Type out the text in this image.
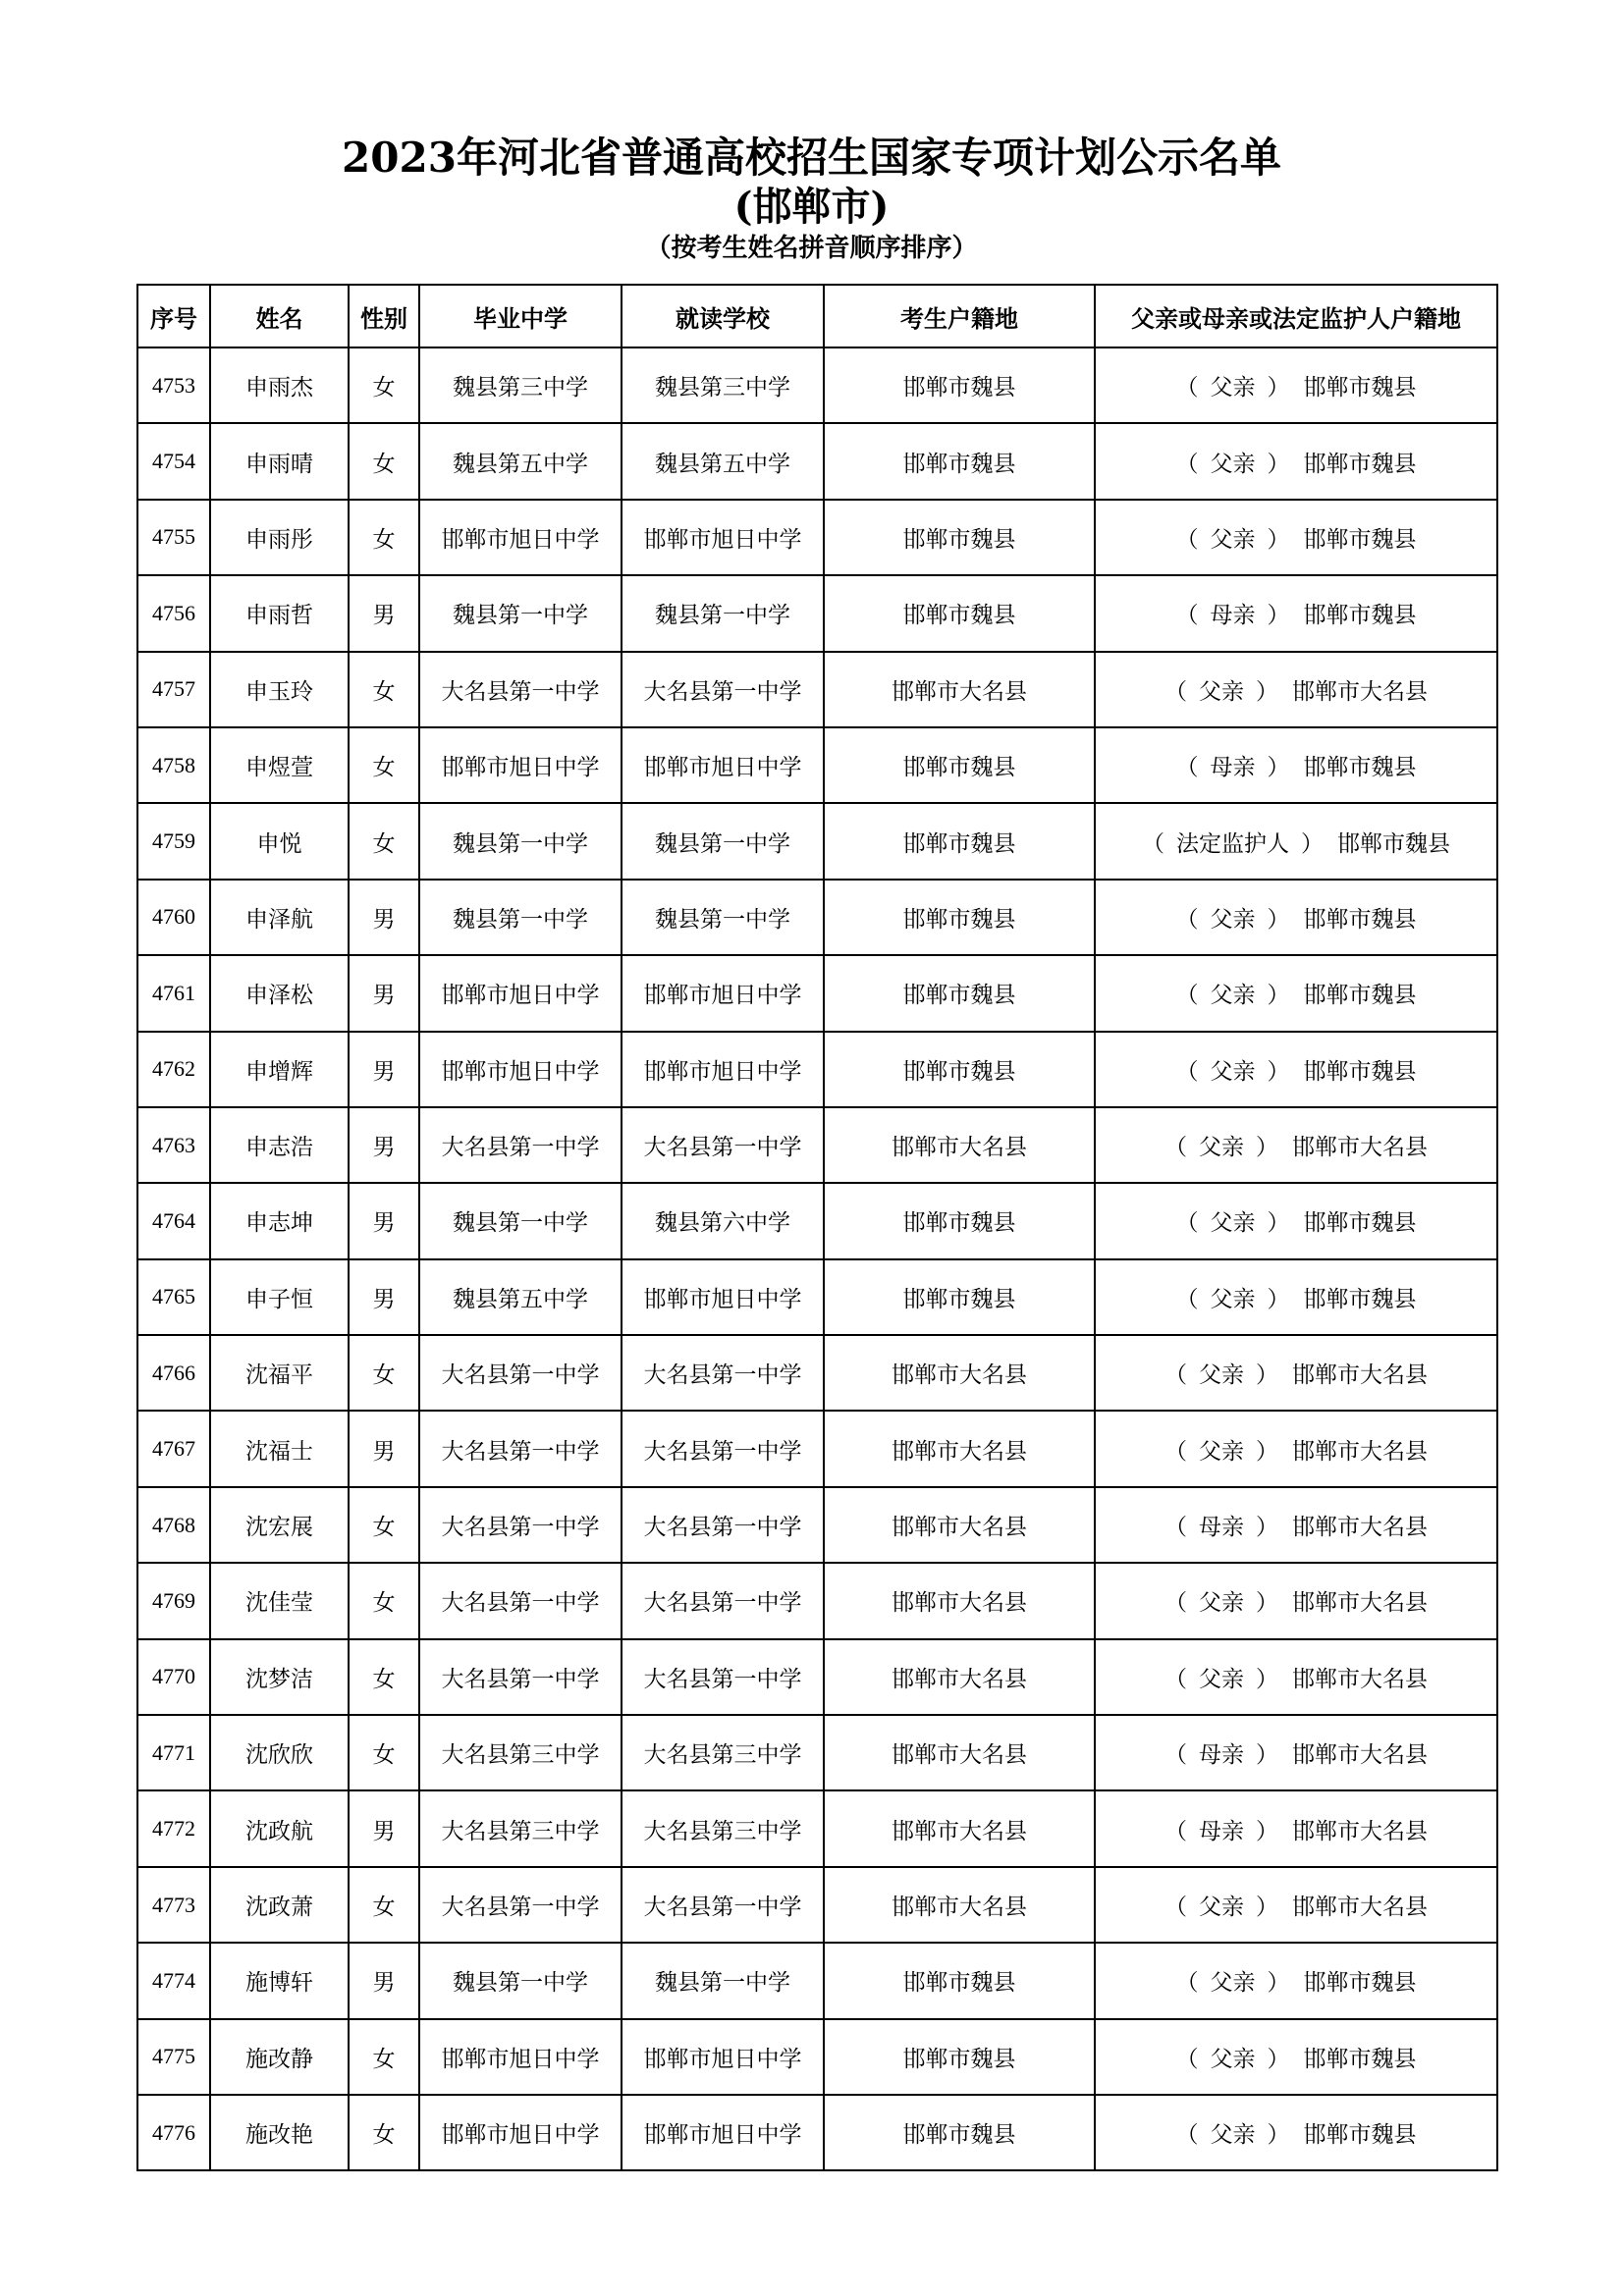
2023年河北省普通高校招生国家专项计划公示名单
(邯郸市)
（按考生姓名拼音顺序排序）
序号	姓名	性别	毕业中学	就读学校	考生户籍地	父亲或母亲或法定监护人户籍地
4753	申雨杰	女	魏县第三中学	魏县第三中学	邯郸市魏县	（ 父亲 ） 邯郸市魏县
4754	申雨晴	女	魏县第五中学	魏县第五中学	邯郸市魏县	（ 父亲 ） 邯郸市魏县
4755	申雨彤	女	邯郸市旭日中学	邯郸市旭日中学	邯郸市魏县	（ 父亲 ） 邯郸市魏县
4756	申雨哲	男	魏县第一中学	魏县第一中学	邯郸市魏县	（ 母亲 ） 邯郸市魏县
4757	申玉玲	女	大名县第一中学	大名县第一中学	邯郸市大名县	（ 父亲 ） 邯郸市大名县
4758	申煜萱	女	邯郸市旭日中学	邯郸市旭日中学	邯郸市魏县	（ 母亲 ） 邯郸市魏县
4759	申悦	女	魏县第一中学	魏县第一中学	邯郸市魏县	（ 法定监护人 ） 邯郸市魏县
4760	申泽航	男	魏县第一中学	魏县第一中学	邯郸市魏县	（ 父亲 ） 邯郸市魏县
4761	申泽松	男	邯郸市旭日中学	邯郸市旭日中学	邯郸市魏县	（ 父亲 ） 邯郸市魏县
4762	申增辉	男	邯郸市旭日中学	邯郸市旭日中学	邯郸市魏县	（ 父亲 ） 邯郸市魏县
4763	申志浩	男	大名县第一中学	大名县第一中学	邯郸市大名县	（ 父亲 ） 邯郸市大名县
4764	申志坤	男	魏县第一中学	魏县第六中学	邯郸市魏县	（ 父亲 ） 邯郸市魏县
4765	申子恒	男	魏县第五中学	邯郸市旭日中学	邯郸市魏县	（ 父亲 ） 邯郸市魏县
4766	沈福平	女	大名县第一中学	大名县第一中学	邯郸市大名县	（ 父亲 ） 邯郸市大名县
4767	沈福士	男	大名县第一中学	大名县第一中学	邯郸市大名县	（ 父亲 ） 邯郸市大名县
4768	沈宏展	女	大名县第一中学	大名县第一中学	邯郸市大名县	（ 母亲 ） 邯郸市大名县
4769	沈佳莹	女	大名县第一中学	大名县第一中学	邯郸市大名县	（ 父亲 ） 邯郸市大名县
4770	沈梦洁	女	大名县第一中学	大名县第一中学	邯郸市大名县	（ 父亲 ） 邯郸市大名县
4771	沈欣欣	女	大名县第三中学	大名县第三中学	邯郸市大名县	（ 母亲 ） 邯郸市大名县
4772	沈政航	男	大名县第三中学	大名县第三中学	邯郸市大名县	（ 母亲 ） 邯郸市大名县
4773	沈政萧	女	大名县第一中学	大名县第一中学	邯郸市大名县	（ 父亲 ） 邯郸市大名县
4774	施博轩	男	魏县第一中学	魏县第一中学	邯郸市魏县	（ 父亲 ） 邯郸市魏县
4775	施改静	女	邯郸市旭日中学	邯郸市旭日中学	邯郸市魏县	（ 父亲 ） 邯郸市魏县
4776	施改艳	女	邯郸市旭日中学	邯郸市旭日中学	邯郸市魏县	（ 父亲 ） 邯郸市魏县
